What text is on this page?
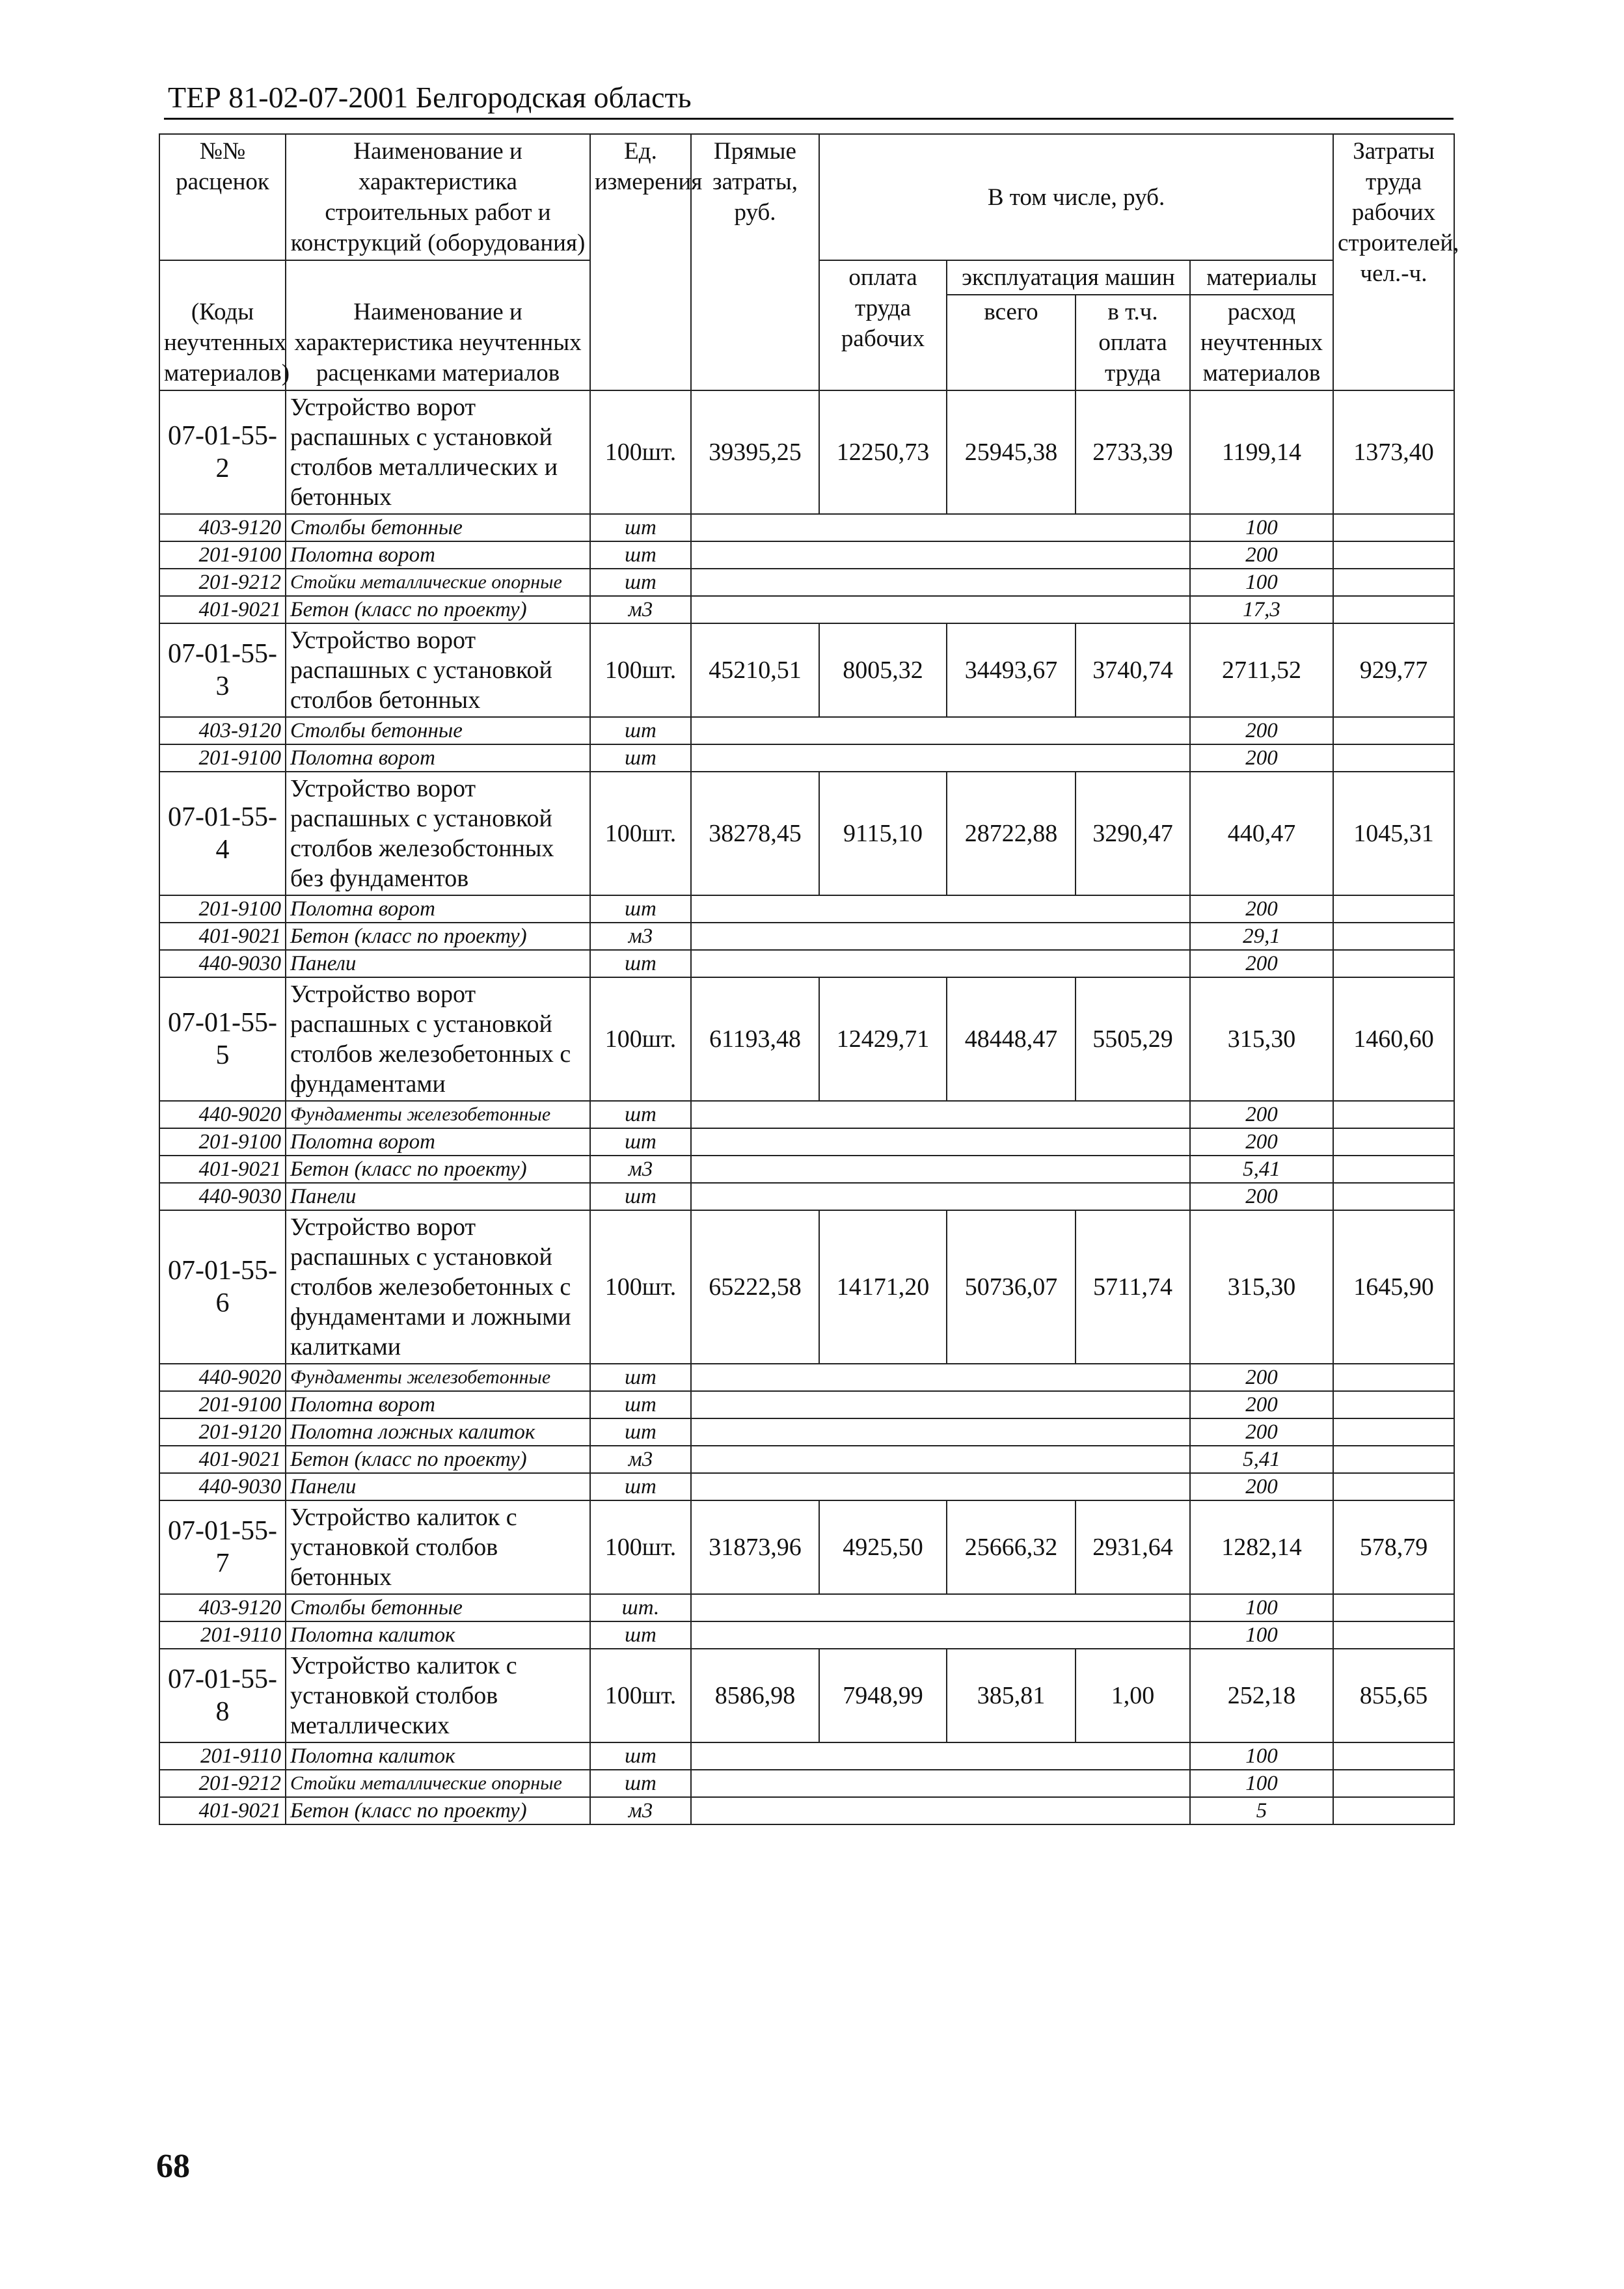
ТЕР 81-02-07-2001 Белгородская область
№№ расценок	Наименование и характеристика строительных работ и конструкций (оборудования)	Ед. измерения	Прямые затраты, руб.	В том числе, руб.				Затраты труда рабочих строителей, чел.-ч.
(Коды неучтенных материалов)	Наименование и характеристика неучтенных расценками материалов			оплата труда рабочих	эксплуатация машин		материалы	
					всего	в т.ч. оплата труда	расход неучтенных материалов	
07-01-55-2	Устройство ворот распашных с установкой столбов металлических и бетонных	100шт.	39395,25	12250,73	25945,38	2733,39	1199,14	1373,40
403-9120	Столбы бетонные	шт					100	
201-9100	Полотна ворот	шт					200	
201-9212	Стойки металлические опорные	шт					100	
401-9021	Бетон (класс по проекту)	м3					17,3	
07-01-55-3	Устройство ворот распашных с установкой столбов бетонных	100шт.	45210,51	8005,32	34493,67	3740,74	2711,52	929,77
403-9120	Столбы бетонные	шт					200	
201-9100	Полотна ворот	шт					200	
07-01-55-4	Устройство ворот распашных с установкой столбов железобстонных без фундаментов	100шт.	38278,45	9115,10	28722,88	3290,47	440,47	1045,31
201-9100	Полотна ворот	шт					200	
401-9021	Бетон (класс по проекту)	м3					29,1	
440-9030	Панели	шт					200	
07-01-55-5	Устройство ворот распашных с установкой столбов железобетонных с фундаментами	100шт.	61193,48	12429,71	48448,47	5505,29	315,30	1460,60
440-9020	Фундаменты железобетонные	шт					200	
201-9100	Полотна ворот	шт					200	
401-9021	Бетон (класс по проекту)	м3					5,41	
440-9030	Панели	шт					200	
07-01-55-6	Устройство ворот распашных с установкой столбов железобетонных с фундаментами и ложными калитками	100шт.	65222,58	14171,20	50736,07	5711,74	315,30	1645,90
440-9020	Фундаменты железобетонные	шт					200	
201-9100	Полотна ворот	шт					200	
201-9120	Полотна ложных калиток	шт					200	
401-9021	Бетон (класс по проекту)	м3					5,41	
440-9030	Панели	шт					200	
07-01-55-7	Устройство калиток с установкой столбов бетонных	100шт.	31873,96	4925,50	25666,32	2931,64	1282,14	578,79
403-9120	Столбы бетонные	шт.					100	
201-9110	Полотна калиток	шт					100	
07-01-55-8	Устройство калиток с установкой столбов металлических	100шт.	8586,98	7948,99	385,81	1,00	252,18	855,65
201-9110	Полотна калиток	шт					100	
201-9212	Стойки металлические опорные	шт					100	
401-9021	Бетон (класс по проекту)	м3					5	
68
